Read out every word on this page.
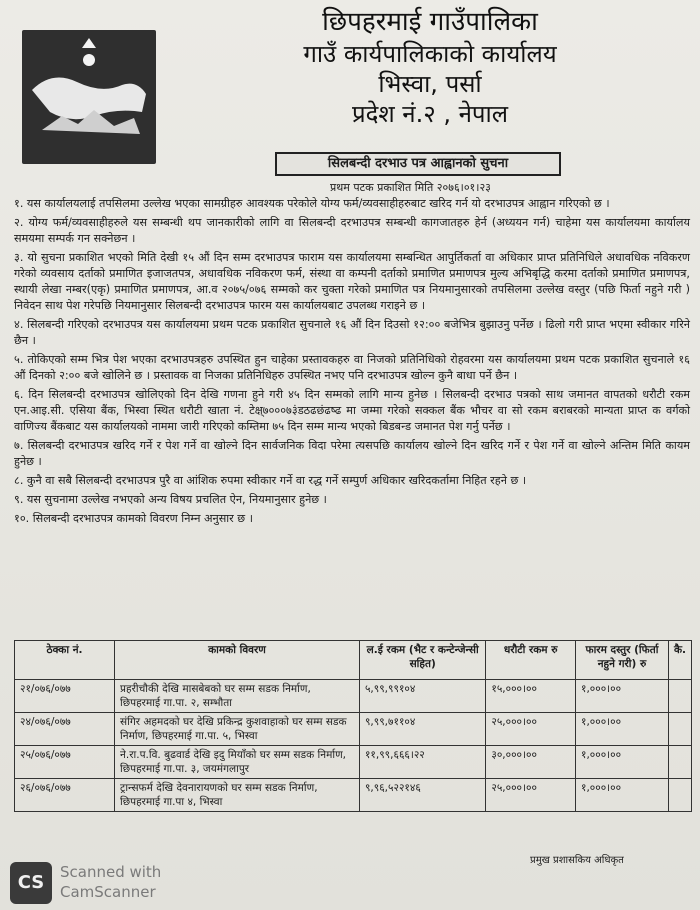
छिपहरमाई गाउँपालिका
गाउँ कार्यपालिकाको कार्यालय
भिस्वा, पर्सा
प्रदेश नं.२ , नेपाल
सिलबन्दी दरभाउ पत्र आह्वानको सुचना
प्रथम पटक प्रकाशित मिति २०७६।०१।२३

१. यस कार्यालयलाई तपसिलमा उल्लेख भएका सामग्रीहरु आवश्यक परेकोले योग्य फर्म/व्यवसाहीहरुबाट खरिद गर्न यो दरभाउपत्र आह्वान गरिएको छ ।

२. योग्य फर्म/व्यवसाहीहरुले यस सम्बन्धी थप जानकारीको लागि वा सिलबन्दी दरभाउपत्र सम्बन्धी कागजातहरु हेर्न (अध्ययन गर्न) चाहेमा यस कार्यालयमा कार्यालय समयमा सम्पर्क गन सक्नेछन ।

३. यो सुचना प्रकाशित भएको मिति देखी १५ औं दिन सम्म दरभाउपत्र फाराम यस कार्यालयमा सम्बन्धित आपुर्तिकर्ता वा अधिकार प्राप्त प्रतिनिधिले अधावधिक नविकरण गरेको व्यवसाय दर्ताको प्रमाणित इजाजतपत्र, अधावधिक नविकरण फर्म, संस्था वा कम्पनी दर्ताको प्रमाणित प्रमाणपत्र मुल्य अभिबृद्धि करमा दर्ताको प्रमाणित प्रमाणपत्र, स्थायी लेखा नम्बर(एकृ) प्रमाणित प्रमाणपत्र, आ.व २०७५/०७६ सम्मको कर चुक्ता गरेको प्रमाणित पत्र नियमानुसारको तपसिलमा उल्लेख वस्तुर (पछि फिर्ता नहुने गरी ) निवेदन साथ पेश गरेपछि नियमानुसार सिलबन्दी दरभाउपत्र फारम यस कार्यालयबाट उपलब्ध गराइने छ ।

४. सिलबन्दी गरिएको दरभाउपत्र यस कार्यालयमा प्रथम पटक प्रकाशित सुचनाले १६ औं दिन दिउसो १२:०० बजेभित्र बुझाउनु पर्नेछ । ढिलो गरी प्राप्त भएमा स्वीकार गरिने छैन ।

५. तोकिएको सम्म भित्र पेश भएका दरभाउपत्रहरु उपस्थित हुन चाहेका प्रस्तावकहरु वा निजको प्रतिनिधिको रोहवरमा यस कार्यालयमा प्रथम पटक प्रकाशित सुचनाले १६ औं दिनको २:०० बजे खोलिने छ । प्रस्तावक वा निजका प्रतिनिधिहरु उपस्थित नभए पनि दरभाउपत्र खोल्न कुनै बाधा पर्ने छैन ।

६. दिन सिलबन्दी दरभाउपत्र खोलिएको दिन देखि गणना हुने गरी ४५ दिन सम्मको लागि मान्य हुनेछ । सिलबन्दी दरभाउ पत्रको साथ जमानत वापतको धरौटी रकम एन.आइ.सी. एसिया बैंक, भिस्वा स्थित धरौटी खाता नं. टेक्ष्७०००७३ंडठढछंढष्ढ मा जम्मा गरेको सक्कल बैंक भौचर वा सो रकम बराबरको मान्यता प्राप्त क वर्गको वाणिज्य बैंकबाट यस कार्यालयको नाममा जारी गरिएको कम्तिमा ७५ दिन सम्म मान्य भएको बिडबन्ड जमानत पेश गर्नु पर्नेछ ।

७. सिलबन्दी दरभाउपत्र खरिद गर्ने र पेश गर्ने वा खोल्ने दिन सार्वजनिक विदा परेमा त्यसपछि कार्यालय खोल्ने दिन खरिद गर्ने र पेश गर्ने वा खोल्ने अन्तिम मिति कायम हुनेछ ।

८. कुनै वा सबै सिलबन्दी दरभाउपत्र पुरै वा आंशिक रुपमा स्वीकार गर्ने वा रद्ध गर्ने सम्पुर्ण अधिकार खरिदकर्तामा निहित रहने छ ।

९. यस सुचनामा उल्लेख नभएको अन्य विषय प्रचलित ऐन, नियमानुसार हुनेछ ।

१०. सिलबन्दी दरभाउपत्र कामको विवरण निम्न अनुसार छ ।

ठेक्का नं.	कामको विवरण	ल.ई रकम (भैट र कन्टेन्जेन्सी सहित)	धरौटी रकम रु	फारम दस्तुर (फिर्ता नहुने गरी) रु	कै.
२१/०७६/०७७	प्रहरीचौकी देखि मासबेबको घर सम्म सडक निर्माण, छिपहरमाई गा.पा. २, सम्भौता	५,९९,९९१०४	१५,०००।००	१,०००।००	
२४/०७६/०७७	संगिर अहमदको घर देखि प्रकिन्द्र कुशवाहाको घर सम्म सडक निर्माण, छिपहरमाई गा.पा. ५, भिस्वा	९,९९,७११०४	२५,०००।००	१,०००।००	
२५/०७६/०७७	ने.रा.प.वि. बुढवार्ड देखि इदु मियाँको घर सम्म सडक निर्माण, छिपहरमाई गा.पा. ३, जयमंगलापुर	११,९९,६६६।२२	३०,०००।००	१,०००।००	
२६/०७६/०७७	ट्रान्सफर्म देखि देवनारायणको घर सम्म सडक निर्माण, छिपहरमाई गा.पा ४, भिस्वा	९,९६,५२२१४६	२५,०००।००	१,०००।००	
प्रमुख प्रशासकिय अधिकृत
CS	Scanned with
CamScanner
